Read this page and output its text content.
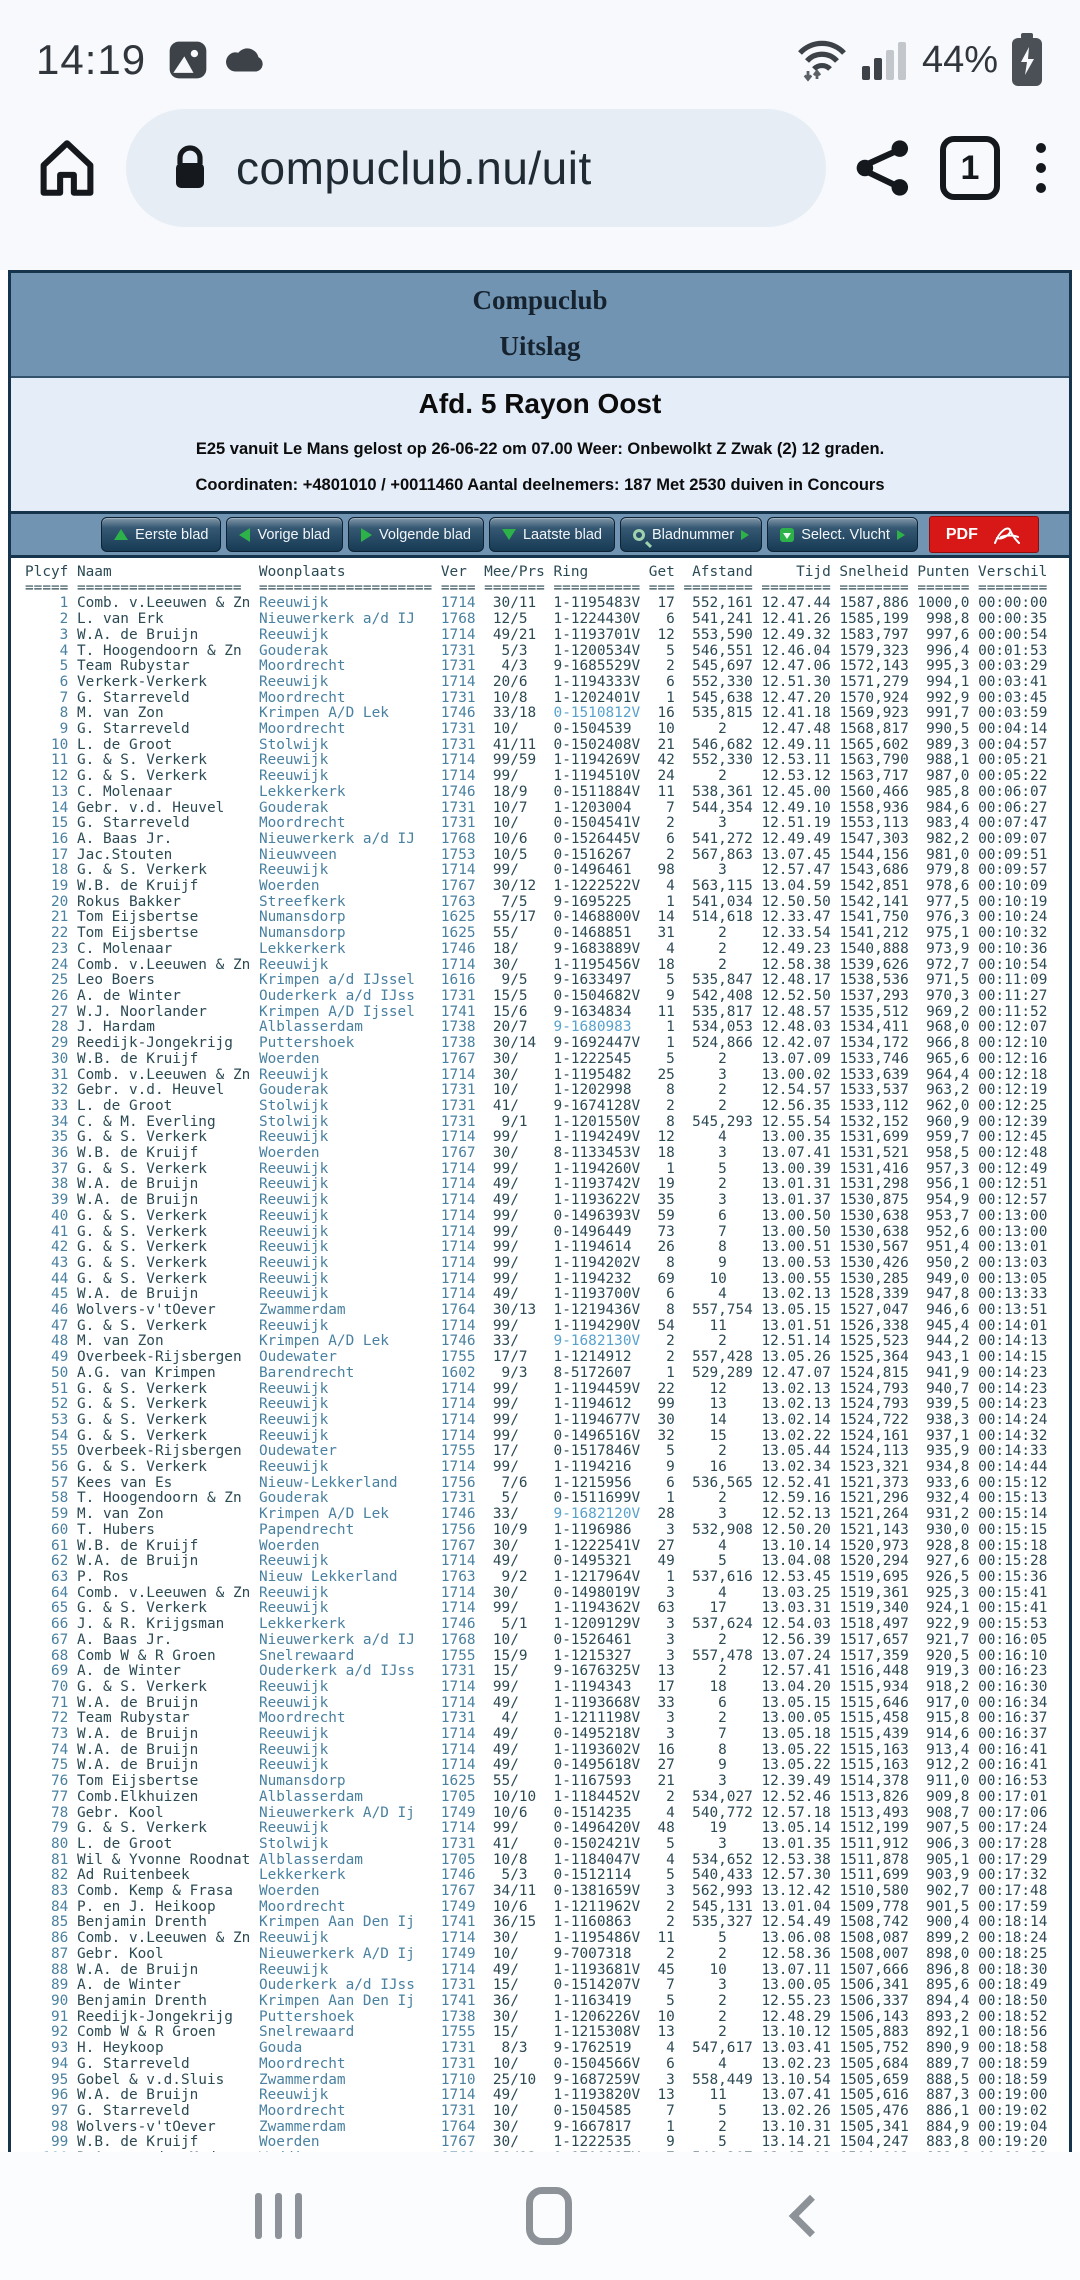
14:19	44%
compuclub.nu/uit	1
Compuclub
Uitslag
Afd. 5 Rayon Oost
E25 vanuit Le Mans gelost op 26-06-22 om 07.00 Weer: Onbewolkt Z Zwak (2) 12 graden.
Coordinaten: +4801010 / +0011460 Aantal deelnemers: 187 Met 2530 duiven in Concours
Eerste blad	Vorige blad	Volgende blad	Laatste blad	Bladnummer	Select. Vlucht	PDF
Plcyf Naam                 Woonplaats           Ver  Mee/Prs Ring       Get  Afstand     Tijd Snelheid Punten Verschil
===== ===================  ==================== ==== ======= ========== === ======== ======== ======== ====== ========
1 Comb. v.Leeuwen & Zn Reeuwijk             1714  30/11  1-1195483V  17  552,161 12.47.44 1587,886 1000,0 00:00:00
2 L. van Erk           Nieuwerkerk a/d IJ   1768  12/5   1-1224430V   6  541,241 12.41.26 1585,199  998,8 00:00:35
3 W.A. de Bruijn       Reeuwijk             1714  49/21  1-1193701V  12  553,590 12.49.32 1583,797  997,6 00:00:54
4 T. Hoogendoorn & Zn  Gouderak             1731   5/3   1-1200534V   5  546,551 12.46.04 1579,323  996,4 00:01:53
5 Team Rubystar        Moordrecht           1731   4/3   9-1685529V   2  545,697 12.47.06 1572,143  995,3 00:03:29
6 Verkerk-Verkerk      Reeuwijk             1714  20/6   1-1194333V   6  552,330 12.51.30 1571,279  994,1 00:03:41
7 G. Starreveld        Moordrecht           1731  10/8   1-1202401V   1  545,638 12.47.20 1570,924  992,9 00:03:45
8 M. van Zon           Krimpen A/D Lek      1746  33/18  0-1510812V  16  535,815 12.41.18 1569,923  991,7 00:03:59
9 G. Starreveld        Moordrecht           1731  10/    0-1504539   10     2    12.47.48 1568,817  990,5 00:04:14
10 L. de Groot          Stolwijk             1731  41/11  0-1502408V  21  546,682 12.49.11 1565,602  989,3 00:04:57
11 G. & S. Verkerk      Reeuwijk             1714  99/59  1-1194269V  42  552,330 12.53.11 1563,790  988,1 00:05:21
12 G. & S. Verkerk      Reeuwijk             1714  99/    1-1194510V  24     2    12.53.12 1563,717  987,0 00:05:22
13 C. Molenaar          Lekkerkerk           1746  18/9   0-1511884V  11  538,361 12.45.00 1560,466  985,8 00:06:07
14 Gebr. v.d. Heuvel    Gouderak             1731  10/7   1-1203004    7  544,354 12.49.10 1558,936  984,6 00:06:27
15 G. Starreveld        Moordrecht           1731  10/    0-1504541V   2     3    12.51.19 1553,113  983,4 00:07:47
16 A. Baas Jr.          Nieuwerkerk a/d IJ   1768  10/6   0-1526445V   6  541,272 12.49.49 1547,303  982,2 00:09:07
17 Jac.Stouten          Nieuwveen            1753  10/5   0-1516267    2  567,863 13.07.45 1544,156  981,0 00:09:51
18 G. & S. Verkerk      Reeuwijk             1714  99/    0-1496461   98     3    12.57.47 1543,686  979,8 00:09:57
19 W.B. de Kruijf       Woerden              1767  30/12  1-1222522V   4  563,115 13.04.59 1542,851  978,6 00:10:09
20 Rokus Bakker         Streefkerk           1763   7/5   9-1695225    1  541,034 12.50.50 1542,141  977,5 00:10:19
21 Tom Eijsbertse       Numansdorp           1625  55/17  0-1468800V  14  514,618 12.33.47 1541,750  976,3 00:10:24
22 Tom Eijsbertse       Numansdorp           1625  55/    0-1468851   31     2    12.33.54 1541,212  975,1 00:10:32
23 C. Molenaar          Lekkerkerk           1746  18/    9-1683889V   4     2    12.49.23 1540,888  973,9 00:10:36
24 Comb. v.Leeuwen & Zn Reeuwijk             1714  30/    1-1195456V  18     2    12.58.38 1539,626  972,7 00:10:54
25 Leo Boers            Krimpen a/d IJssel   1616   9/5   9-1633497    5  535,847 12.48.17 1538,536  971,5 00:11:09
26 A. de Winter         Ouderkerk a/d IJss   1731  15/5   0-1504682V   9  542,408 12.52.50 1537,293  970,3 00:11:27
27 W.J. Noorlander      Krimpen A/D Ijssel   1741  15/6   9-1634834   11  535,817 12.48.57 1535,512  969,2 00:11:52
28 J. Hardam            Alblasserdam         1738  20/7   9-1680983    1  534,053 12.48.03 1534,411  968,0 00:12:07
29 Reedijk-Jongekrijg   Puttershoek          1738  30/14  9-1692447V   1  524,866 12.42.07 1534,172  966,8 00:12:10
30 W.B. de Kruijf       Woerden              1767  30/    1-1222545    5     2    13.07.09 1533,746  965,6 00:12:16
31 Comb. v.Leeuwen & Zn Reeuwijk             1714  30/    1-1195482   25     3    13.00.02 1533,639  964,4 00:12:18
32 Gebr. v.d. Heuvel    Gouderak             1731  10/    1-1202998    8     2    12.54.57 1533,537  963,2 00:12:19
33 L. de Groot          Stolwijk             1731  41/    9-1674128V   2     2    12.56.35 1533,112  962,0 00:12:25
34 C. & M. Everling     Stolwijk             1731   9/1   1-1201550V   8  545,293 12.55.54 1532,152  960,9 00:12:39
35 G. & S. Verkerk      Reeuwijk             1714  99/    1-1194249V  12     4    13.00.35 1531,699  959,7 00:12:45
36 W.B. de Kruijf       Woerden              1767  30/    8-1133453V  18     3    13.07.41 1531,521  958,5 00:12:48
37 G. & S. Verkerk      Reeuwijk             1714  99/    1-1194260V   1     5    13.00.39 1531,416  957,3 00:12:49
38 W.A. de Bruijn       Reeuwijk             1714  49/    1-1193742V  19     2    13.01.31 1531,298  956,1 00:12:51
39 W.A. de Bruijn       Reeuwijk             1714  49/    1-1193622V  35     3    13.01.37 1530,875  954,9 00:12:57
40 G. & S. Verkerk      Reeuwijk             1714  99/    0-1496393V  59     6    13.00.50 1530,638  953,7 00:13:00
41 G. & S. Verkerk      Reeuwijk             1714  99/    0-1496449   73     7    13.00.50 1530,638  952,6 00:13:00
42 G. & S. Verkerk      Reeuwijk             1714  99/    1-1194614   26     8    13.00.51 1530,567  951,4 00:13:01
43 G. & S. Verkerk      Reeuwijk             1714  99/    1-1194202V   8     9    13.00.53 1530,426  950,2 00:13:03
44 G. & S. Verkerk      Reeuwijk             1714  99/    1-1194232   69    10    13.00.55 1530,285  949,0 00:13:05
45 W.A. de Bruijn       Reeuwijk             1714  49/    1-1193700V   6     4    13.02.13 1528,339  947,8 00:13:33
46 Wolvers-v'tOever     Zwammerdam           1764  30/13  1-1219436V   8  557,754 13.05.15 1527,047  946,6 00:13:51
47 G. & S. Verkerk      Reeuwijk             1714  99/    1-1194290V  54    11    13.01.51 1526,338  945,4 00:14:01
48 M. van Zon           Krimpen A/D Lek      1746  33/    9-1682130V   2     2    12.51.14 1525,523  944,2 00:14:13
49 Overbeek-Rijsbergen  Oudewater            1755  17/7   1-1214912    2  557,428 13.05.26 1525,364  943,1 00:14:15
50 A.G. van Krimpen     Barendrecht          1602   9/3   8-5172607    1  529,289 12.47.07 1524,815  941,9 00:14:23
51 G. & S. Verkerk      Reeuwijk             1714  99/    1-1194459V  22    12    13.02.13 1524,793  940,7 00:14:23
52 G. & S. Verkerk      Reeuwijk             1714  99/    1-1194612   99    13    13.02.13 1524,793  939,5 00:14:23
53 G. & S. Verkerk      Reeuwijk             1714  99/    1-1194677V  30    14    13.02.14 1524,722  938,3 00:14:24
54 G. & S. Verkerk      Reeuwijk             1714  99/    0-1496516V  32    15    13.02.22 1524,161  937,1 00:14:32
55 Overbeek-Rijsbergen  Oudewater            1755  17/    0-1517846V   5     2    13.05.44 1524,113  935,9 00:14:33
56 G. & S. Verkerk      Reeuwijk             1714  99/    1-1194216    9    16    13.02.34 1523,321  934,8 00:14:44
57 Kees van Es          Nieuw-Lekkerland     1756   7/6   1-1215956    6  536,565 12.52.41 1521,373  933,6 00:15:12
58 T. Hoogendoorn & Zn  Gouderak             1731   5/    0-1511699V   1     2    12.59.16 1521,296  932,4 00:15:13
59 M. van Zon           Krimpen A/D Lek      1746  33/    9-1682120V  28     3    12.52.13 1521,264  931,2 00:15:14
60 T. Hubers            Papendrecht          1756  10/9   1-1196986    3  532,908 12.50.20 1521,143  930,0 00:15:15
61 W.B. de Kruijf       Woerden              1767  30/    1-1222541V  27     4    13.10.14 1520,973  928,8 00:15:18
62 W.A. de Bruijn       Reeuwijk             1714  49/    0-1495321   49     5    13.04.08 1520,294  927,6 00:15:28
63 P. Ros               Nieuw Lekkerland     1763   9/2   1-1217964V   1  537,616 12.53.45 1519,695  926,5 00:15:36
64 Comb. v.Leeuwen & Zn Reeuwijk             1714  30/    0-1498019V   3     4    13.03.25 1519,361  925,3 00:15:41
65 G. & S. Verkerk      Reeuwijk             1714  99/    1-1194362V  63    17    13.03.31 1519,340  924,1 00:15:41
66 J. & R. Krijgsman    Lekkerkerk           1746   5/1   1-1209129V   3  537,624 12.54.03 1518,497  922,9 00:15:53
67 A. Baas Jr.          Nieuwerkerk a/d IJ   1768  10/    0-1526461    3     2    12.56.39 1517,657  921,7 00:16:05
68 Comb W & R Groen     Snelrewaard          1755  15/9   1-1215327    3  557,478 13.07.24 1517,359  920,5 00:16:10
69 A. de Winter         Ouderkerk a/d IJss   1731  15/    9-1676325V  13     2    12.57.41 1516,448  919,3 00:16:23
70 G. & S. Verkerk      Reeuwijk             1714  99/    1-1194343   17    18    13.04.20 1515,934  918,2 00:16:30
71 W.A. de Bruijn       Reeuwijk             1714  49/    1-1193668V  33     6    13.05.15 1515,646  917,0 00:16:34
72 Team Rubystar        Moordrecht           1731   4/    1-1211198V   3     2    13.00.05 1515,458  915,8 00:16:37
73 W.A. de Bruijn       Reeuwijk             1714  49/    0-1495218V   3     7    13.05.18 1515,439  914,6 00:16:37
74 W.A. de Bruijn       Reeuwijk             1714  49/    1-1193602V  16     8    13.05.22 1515,163  913,4 00:16:41
75 W.A. de Bruijn       Reeuwijk             1714  49/    0-1495618V  27     9    13.05.22 1515,163  912,2 00:16:41
76 Tom Eijsbertse       Numansdorp           1625  55/    1-1167593   21     3    12.39.49 1514,378  911,0 00:16:53
77 Comb.Elkhuizen       Alblasserdam         1705  10/10  1-1184452V   2  534,027 12.52.46 1513,826  909,8 00:17:01
78 Gebr. Kool           Nieuwerkerk A/D Ij   1749  10/6   0-1514235    4  540,772 12.57.18 1513,493  908,7 00:17:06
79 G. & S. Verkerk      Reeuwijk             1714  99/    0-1496420V  48    19    13.05.14 1512,199  907,5 00:17:24
80 L. de Groot          Stolwijk             1731  41/    0-1502421V   5     3    13.01.35 1511,912  906,3 00:17:28
81 Wil & Yvonne Roodnat Alblasserdam         1705  10/8   1-1184047V   4  534,652 12.53.38 1511,878  905,1 00:17:29
82 Ad Ruitenbeek        Lekkerkerk           1746   5/3   0-1512114    5  540,433 12.57.30 1511,699  903,9 00:17:32
83 Comb. Kemp & Frasa   Woerden              1767  34/11  0-1381659V   3  562,993 13.12.42 1510,580  902,7 00:17:48
84 P. en J. Heikoop     Moordrecht           1749  10/6   1-1211962V   2  545,131 13.01.04 1509,778  901,5 00:17:59
85 Benjamin Drenth      Krimpen Aan Den Ij   1741  36/15  1-1160863    2  535,327 12.54.49 1508,742  900,4 00:18:14
86 Comb. v.Leeuwen & Zn Reeuwijk             1714  30/    1-1195486V  11     5    13.06.08 1508,087  899,2 00:18:24
87 Gebr. Kool           Nieuwerkerk A/D Ij   1749  10/    9-7007318    2     2    12.58.36 1508,007  898,0 00:18:25
88 W.A. de Bruijn       Reeuwijk             1714  49/    1-1193681V  45    10    13.07.11 1507,666  896,8 00:18:30
89 A. de Winter         Ouderkerk a/d IJss   1731  15/    0-1514207V   7     3    13.00.05 1506,341  895,6 00:18:49
90 Benjamin Drenth      Krimpen Aan Den Ij   1741  36/    1-1163419    5     2    12.55.23 1506,337  894,4 00:18:50
91 Reedijk-Jongekrijg   Puttershoek          1738  30/    1-1206226V  10     2    12.48.29 1506,143  893,2 00:18:52
92 Comb W & R Groen     Snelrewaard          1755  15/    1-1215308V  13     2    13.10.12 1505,883  892,1 00:18:56
93 H. Heykoop           Gouda                1731   8/3   9-1762519    4  547,617 13.03.41 1505,752  890,9 00:18:58
94 G. Starreveld        Moordrecht           1731  10/    0-1504566V   6     4    13.02.23 1505,684  889,7 00:18:59
95 Gobel & v.d.Sluis    Zwammerdam           1710  25/10  9-1687259V   3  558,449 13.10.54 1505,659  888,5 00:18:59
96 W.A. de Bruijn       Reeuwijk             1714  49/    1-1193820V  13    11    13.07.41 1505,616  887,3 00:19:00
97 G. Starreveld        Moordrecht           1731  10/    0-1504585    7     5    13.02.26 1505,476  886,1 00:19:02
98 Wolvers-v'tOever     Zwammerdam           1764  30/    9-1667817    1     2    13.10.31 1505,341  884,9 00:19:04
99 W.B. de Kruijf       Woerden              1767  30/    1-1222535    9     5    13.14.21 1504,247  883,8 00:19:20
